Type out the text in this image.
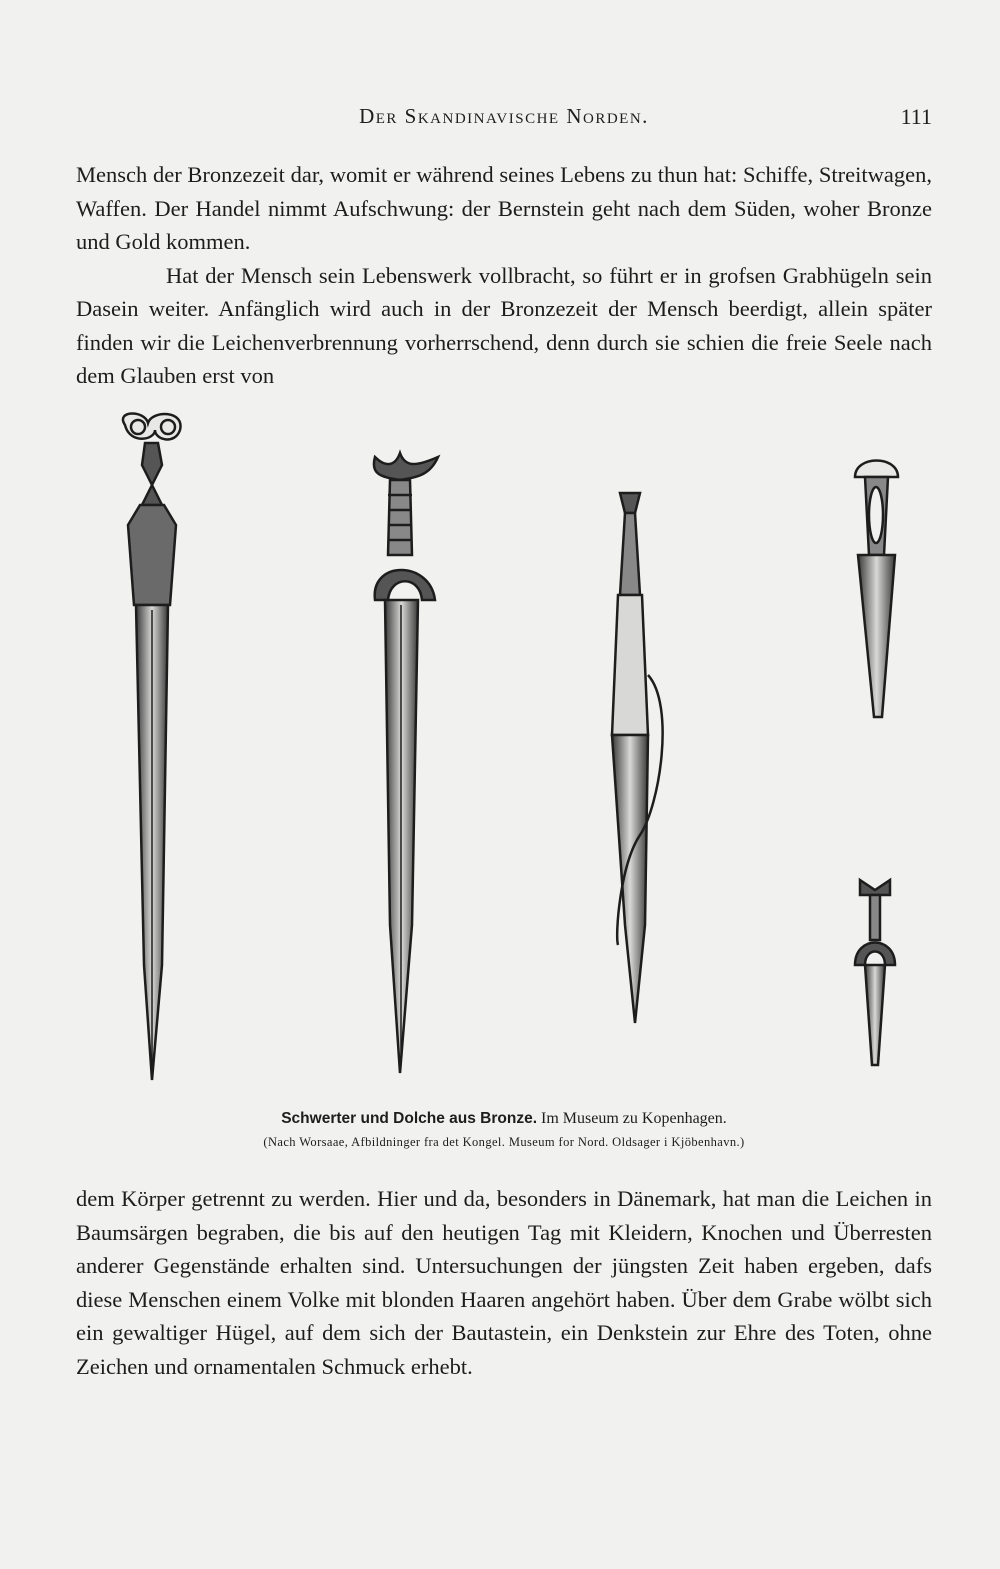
Der Skandinavische Norden.	111

Mensch der Bronzezeit dar, womit er während seines Lebens zu thun hat: Schiffe, Streitwagen, Waffen. Der Handel nimmt Aufschwung: der Bernstein geht nach dem Süden, woher Bronze und Gold kommen.

Hat der Mensch sein Lebenswerk vollbracht, so führt er in grofsen Grabhügeln sein Dasein weiter. Anfänglich wird auch in der Bronzezeit der Mensch beerdigt, allein später finden wir die Leichenverbrennung vorherrschend, denn durch sie schien die freie Seele nach dem Glauben erst von

Schwerter und Dolche aus Bronze. Im Museum zu Kopenhagen.
(Nach Worsaae, Afbildninger fra det Kongel. Museum for Nord. Oldsager i Kjöbenhavn.)

dem Körper getrennt zu werden. Hier und da, besonders in Dänemark, hat man die Leichen in Baumsärgen begraben, die bis auf den heutigen Tag mit Kleidern, Knochen und Überresten anderer Gegenstände erhalten sind. Untersuchungen der jüngsten Zeit haben ergeben, dafs diese Menschen einem Volke mit blonden Haaren angehört haben. Über dem Grabe wölbt sich ein gewaltiger Hügel, auf dem sich der Bautastein, ein Denkstein zur Ehre des Toten, ohne Zeichen und ornamentalen Schmuck erhebt.
